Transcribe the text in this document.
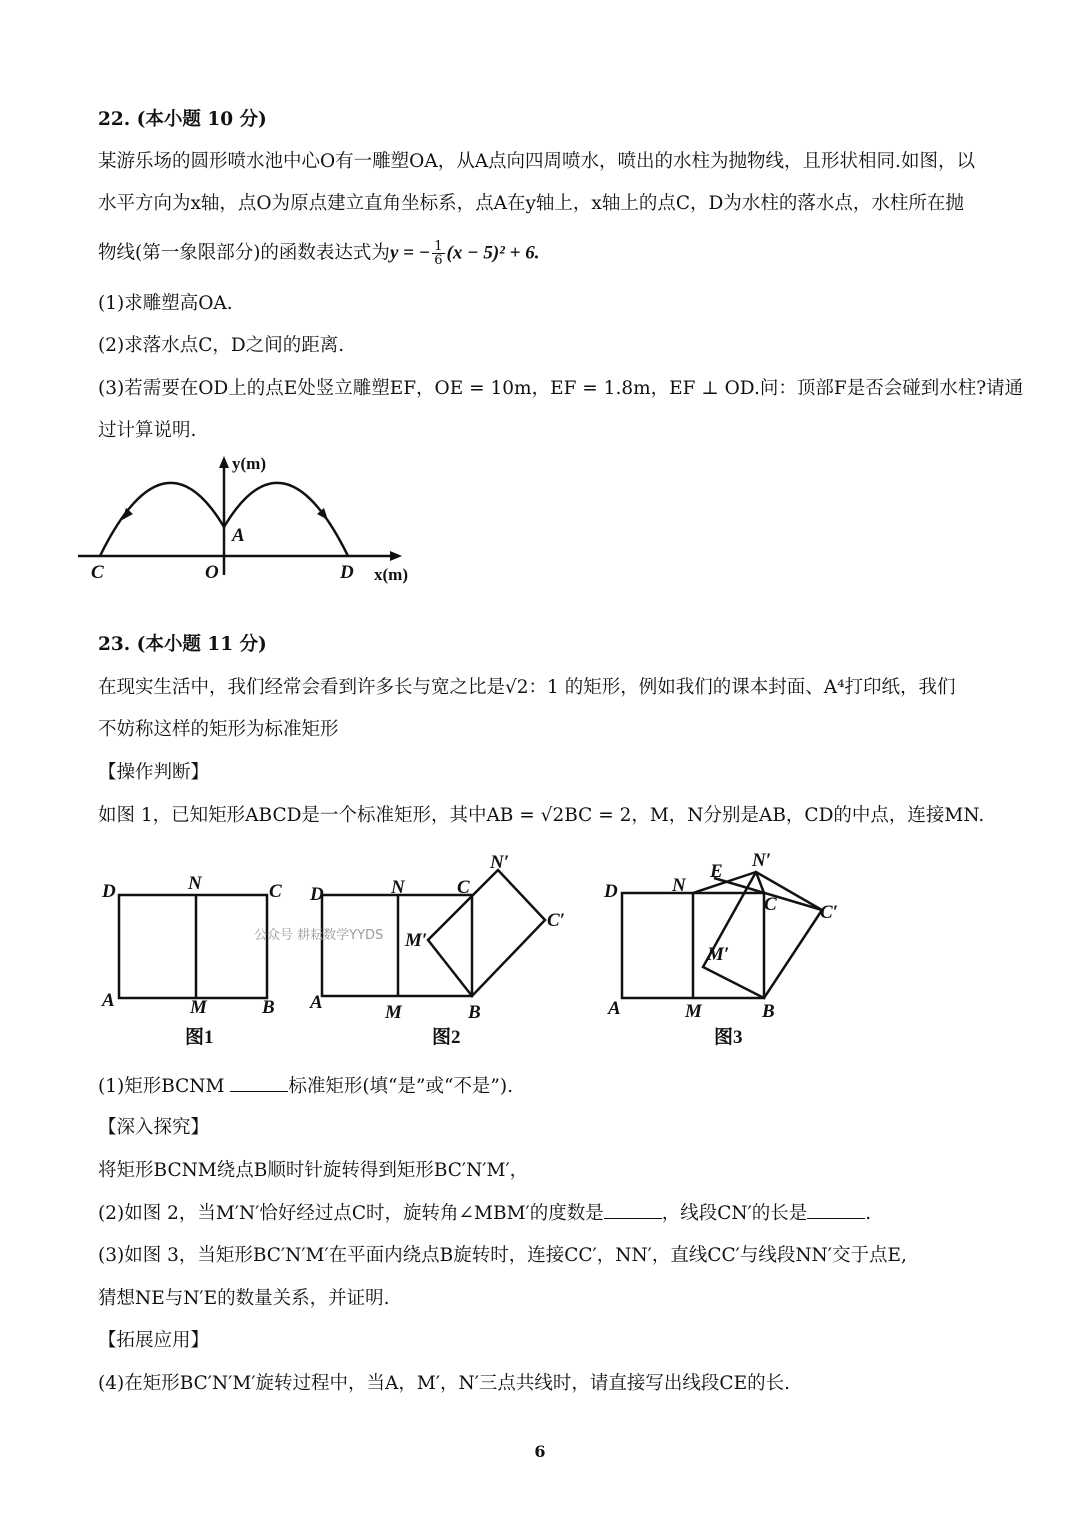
22. (本小题 10 分)
某游乐场的圆形喷水池中心O有一雕塑OA，从A点向四周喷水，喷出的水柱为抛物线，且形状相同.如图，以
水平方向为x轴，点O为原点建立直角坐标系，点A在y轴上，x轴上的点C，D为水柱的落水点，水柱所在抛
物线(第一象限部分)的函数表达式为y = − $\frac{1}{6} (x - 5)^2 + 6$.
(1)求雕塑高OA.
(2)求落水点C，D之间的距离.
(3)若需要在OD上的点E处竖立雕塑EF，OE = 10m，EF = 1.8m，EF ⊥ OD.问：顶部F是否会碰到水柱?请通
过计算说明.
y(m)
x(m)
A
O
C	D
23. (本小题 11 分)
在现实生活中，我们经常会看到许多长与宽之比是√2：1 的矩形，例如我们的课本封面、A⁴打印纸，我们
不妨称这样的矩形为标准矩形
【操作判断】
如图 1，已知矩形ABCD是一个标准矩形，其中AB = √2BC = 2，M，N分别是AB，CD的中点，连接MN.
D	N	C
A	M	B
图1
D	N	C
N′
C′
M′
A	M	B
图2
D	N
E
N′
C C′
M′
A	M	B
图3
公众号 耕耘数学YYDS
(1)矩形BCNM	标准矩形(填“是”或“不是”).
【深入探究】
将矩形BCNM绕点B顺时针旋转得到矩形BC′N′M′，
(2)如图 2，当M′N′恰好经过点C时，旋转角∠MBM′的度数是	，线段CN′的长是	.
(3)如图 3，当矩形BC′N′M′在平面内绕点B旋转时，连接CC′，NN′，直线CC′与线段NN′交于点E,
猜想NE与N′E的数量关系，并证明.
【拓展应用】
(4)在矩形BC′N′M′旋转过程中，当A，M′，N′三点共线时，请直接写出线段CE的长.
6
